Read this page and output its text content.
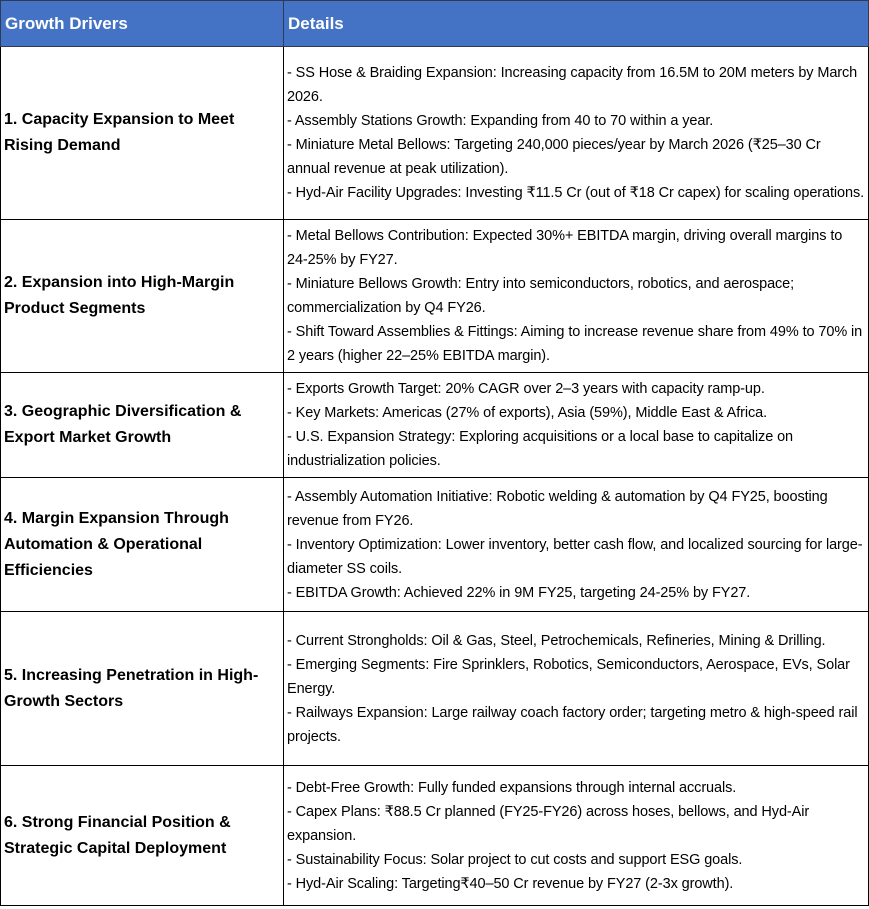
Growth Drivers	Details
1. Capacity Expansion to Meet Rising Demand	- SS Hose & Braiding Expansion: Increasing capacity from 16.5M to 20M meters by March 2026.
- Assembly Stations Growth: Expanding from 40 to 70 within a year.
- Miniature Metal Bellows: Targeting 240,000 pieces/year by March 2026 (₹25–30 Cr annual revenue at peak utilization).
- Hyd-Air Facility Upgrades: Investing ₹11.5 Cr (out of ₹18 Cr capex) for scaling operations.

2. Expansion into High-Margin Product Segments	- Metal Bellows Contribution: Expected 30%+ EBITDA margin, driving overall margins to 24-25% by FY27.
- Miniature Bellows Growth: Entry into semiconductors, robotics, and aerospace; commercialization by Q4 FY26.
- Shift Toward Assemblies & Fittings: Aiming to increase revenue share from 49% to 70% in 2 years (higher 22–25% EBITDA margin).

3. Geographic Diversification & Export Market Growth	- Exports Growth Target: 20% CAGR over 2–3 years with capacity ramp-up.
- Key Markets: Americas (27% of exports), Asia (59%), Middle East & Africa.
- U.S. Expansion Strategy: Exploring acquisitions or a local base to capitalize on industrialization policies.

4. Margin Expansion Through Automation & Operational Efficiencies	- Assembly Automation Initiative: Robotic welding & automation by Q4 FY25, boosting revenue from FY26.
- Inventory Optimization: Lower inventory, better cash flow, and localized sourcing for large-diameter SS coils.
- EBITDA Growth: Achieved 22% in 9M FY25, targeting 24-25% by FY27.

5. Increasing Penetration in High-Growth Sectors	- Current Strongholds: Oil & Gas, Steel, Petrochemicals, Refineries, Mining & Drilling.
- Emerging Segments: Fire Sprinklers, Robotics, Semiconductors, Aerospace, EVs, Solar Energy.
- Railways Expansion: Large railway coach factory order; targeting metro & high-speed rail projects.

6. Strong Financial Position & Strategic Capital Deployment	- Debt-Free Growth: Fully funded expansions through internal accruals.
- Capex Plans: ₹88.5 Cr planned (FY25-FY26) across hoses, bellows, and Hyd-Air expansion.
- Sustainability Focus: Solar project to cut costs and support ESG goals.
- Hyd-Air Scaling: Targeting₹40–50 Cr revenue by FY27 (2-3x growth).
